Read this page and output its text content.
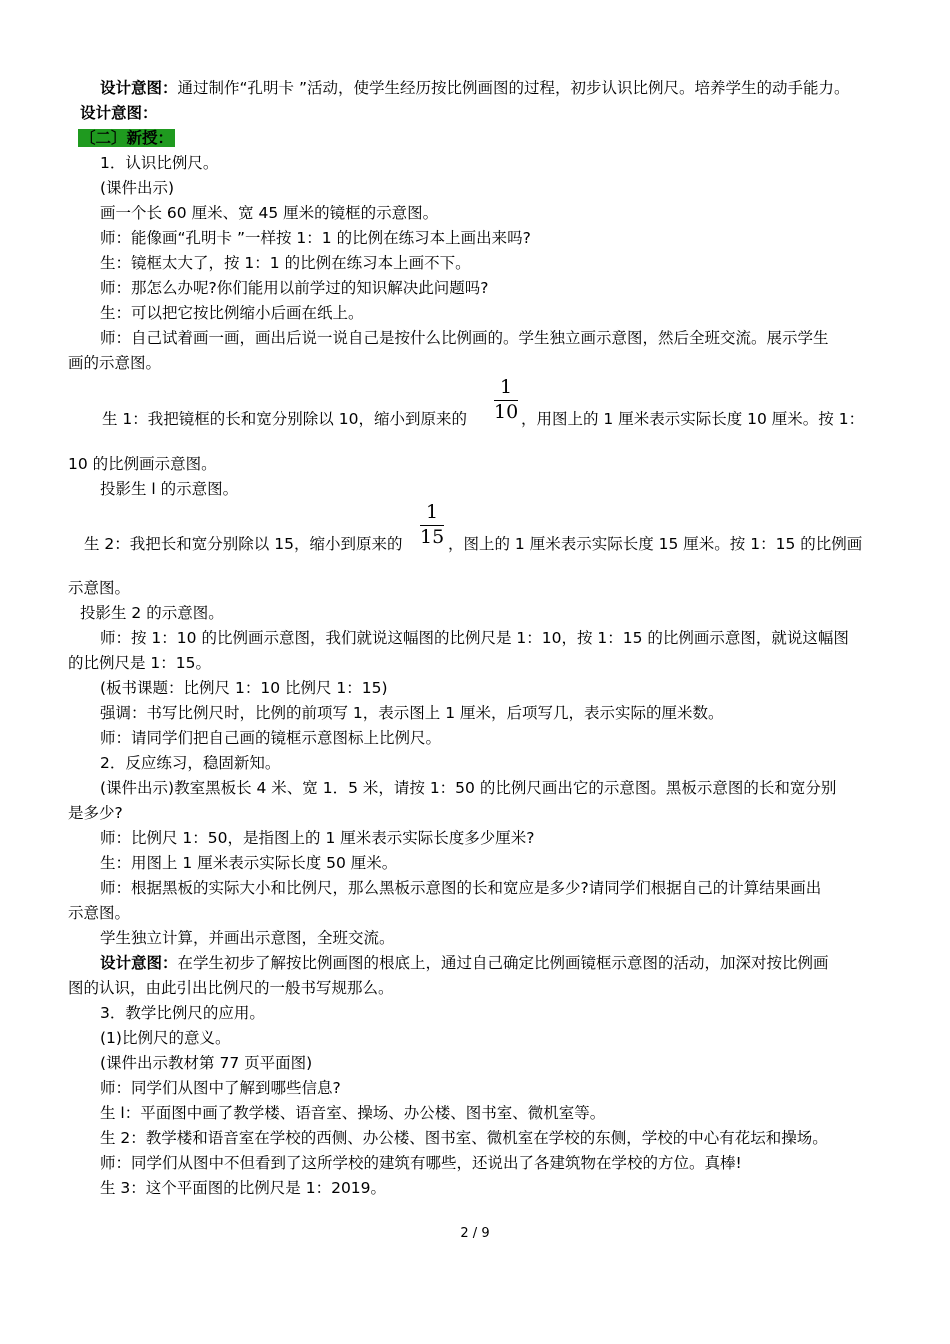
设计意图：通过制作“孔明卡 ”活动，使学生经历按比例画图的过程，初步认识比例尺。培养学生的动手能力。
设计意图：
〔二〕新授：
1．认识比例尺。
(课件出示)
画一个长 60 厘米、宽 45 厘米的镜框的示意图。
师：能像画“孔明卡 ”一样按 1：1 的比例在练习本上画出来吗?
生：镜框太大了，按 1：1 的比例在练习本上画不下。
师：那怎么办呢?你们能用以前学过的知识解决此问题吗?
生：可以把它按比例缩小后画在纸上。
师：自己试着画一画，画出后说一说自己是按什么比例画的。学生独立画示意图，然后全班交流。展示学生
画的示意图。
1
10
生 1：我把镜框的长和宽分别除以 10，缩小到原来的	，用图上的 1 厘米表示实际长度 10 厘米。按 1：
10 的比例画示意图。
投影生 l 的示意图。
1
15
生 2：我把长和宽分别除以 15，缩小到原来的	，图上的 1 厘米表示实际长度 15 厘米。按 1：15 的比例画
示意图。
投影生 2 的示意图。
师：按 1：10 的比例画示意图，我们就说这幅图的比例尺是 1：10，按 1：15 的比例画示意图，就说这幅图
的比例尺是 1：15。
(板书课题：比例尺 1：10 比例尺 1：15)
强调：书写比例尺时，比例的前项写 1，表示图上 1 厘米，后项写几，表示实际的厘米数。
师：请同学们把自己画的镜框示意图标上比例尺。
2．反应练习，稳固新知。
(课件出示)教室黑板长 4 米、宽 1．5 米，请按 1：50 的比例尺画出它的示意图。黑板示意图的长和宽分别
是多少?
师：比例尺 1：50，是指图上的 1 厘米表示实际长度多少厘米?
生：用图上 1 厘米表示实际长度 50 厘米。
师：根据黑板的实际大小和比例尺，那么黑板示意图的长和宽应是多少?请同学们根据自己的计算结果画出
示意图。
学生独立计算，并画出示意图，全班交流。
设计意图：在学生初步了解按比例画图的根底上，通过自己确定比例画镜框示意图的活动，加深对按比例画
图的认识，由此引出比例尺的一般书写规那么。
3．教学比例尺的应用。
(1)比例尺的意义。
(课件出示教材第 77 页平面图)
师：同学们从图中了解到哪些信息?
生 l：平面图中画了教学楼、语音室、操场、办公楼、图书室、微机室等。
生 2：教学楼和语音室在学校的西侧、办公楼、图书室、微机室在学校的东侧，学校的中心有花坛和操场。
师：同学们从图中不但看到了这所学校的建筑有哪些，还说出了各建筑物在学校的方位。真棒!
生 3：这个平面图的比例尺是 1：2019。
2 / 9
